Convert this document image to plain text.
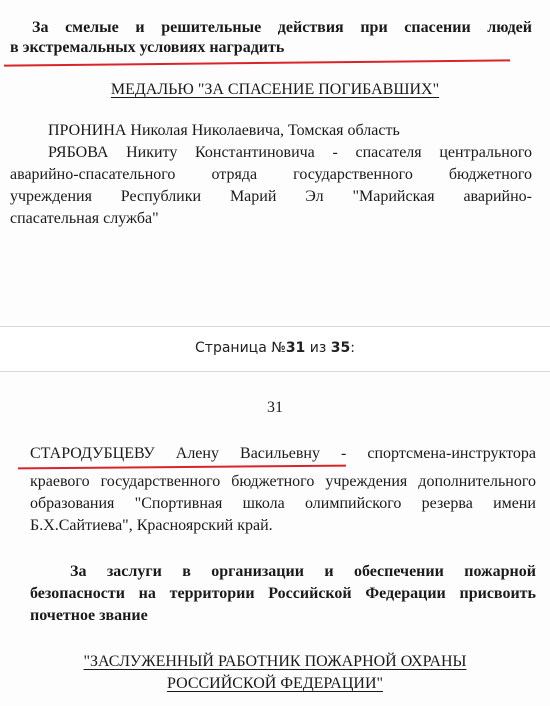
За смелые и решительные действия при спасении людей
в экстремальных условиях наградить
МЕДАЛЬЮ "ЗА СПАСЕНИЕ ПОГИБАВШИХ"
ПРОНИНА Николая Николаевича, Томская область
РЯБОВА Никиту Константиновича - спасателя центрального
аварийно-спасательного отряда государственного бюджетного
учреждения Республики Марий Эл "Марийская аварийно-
спасательная служба"
Страница №31 из 35:
31
СТАРОДУБЦЕВУ Алену Васильевну - спортсмена-инструктора
краевого государственного бюджетного учреждения дополнительного
образования "Спортивная школа олимпийского резерва имени
Б.Х.Сайтиева", Красноярский край.
За заслуги в организации и обеспечении пожарной
безопасности на территории Российской Федерации присвоить
почетное звание
"ЗАСЛУЖЕННЫЙ РАБОТНИК ПОЖАРНОЙ ОХРАНЫ
РОССИЙСКОЙ ФЕДЕРАЦИИ"
